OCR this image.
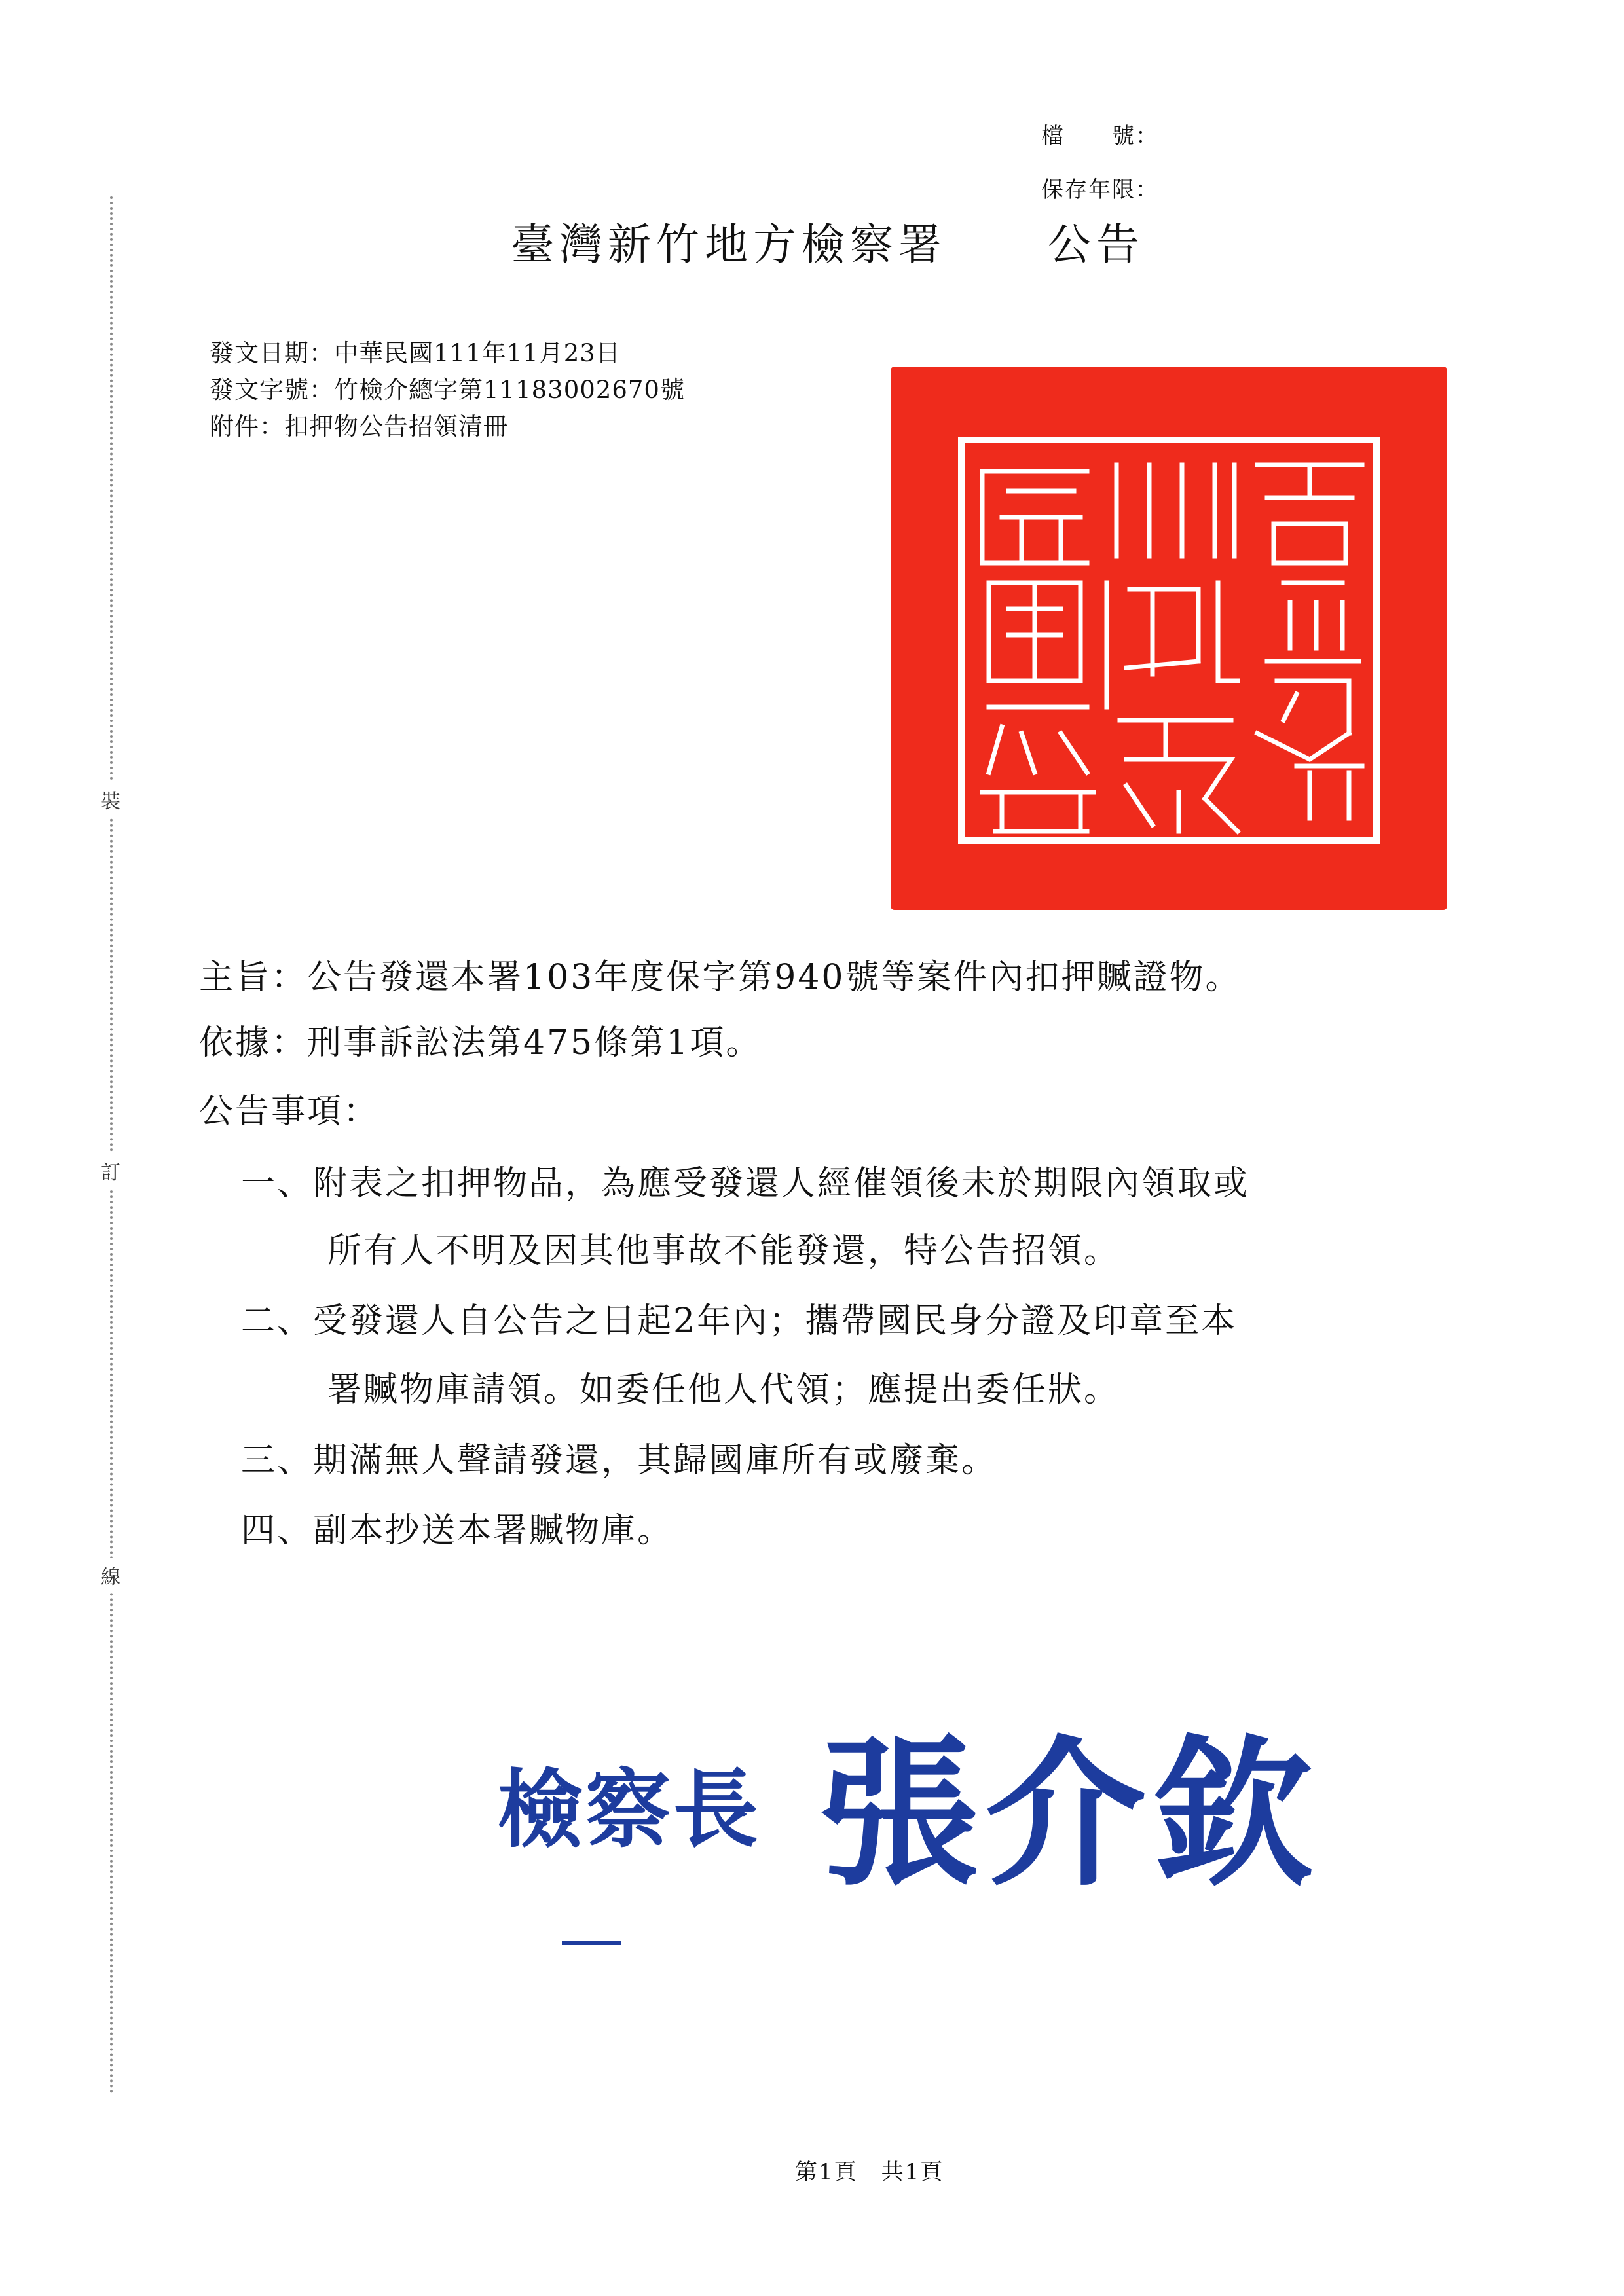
檔　　號：
保存年限：
裝
訂
線
臺灣新竹地方檢察署 公告
發文日期：中華民國111年11月23日
發文字號：竹檢介總字第11183002670號
附件：扣押物公告招領清冊
主旨：公告發還本署103年度保字第940號等案件內扣押贓證物。
依據：刑事訴訟法第475條第1項。
公告事項：
一、附表之扣押物品，為應受發還人經催領後未於期限內領取或
所有人不明及因其他事故不能發還，特公告招領。
二、受發還人自公告之日起2年內；攜帶國民身分證及印章至本
署贓物庫請領。如委任他人代領；應提出委任狀。
三、期滿無人聲請發還，其歸國庫所有或廢棄。
四、副本抄送本署贓物庫。
檢察長 張介欽
第1頁　共1頁
